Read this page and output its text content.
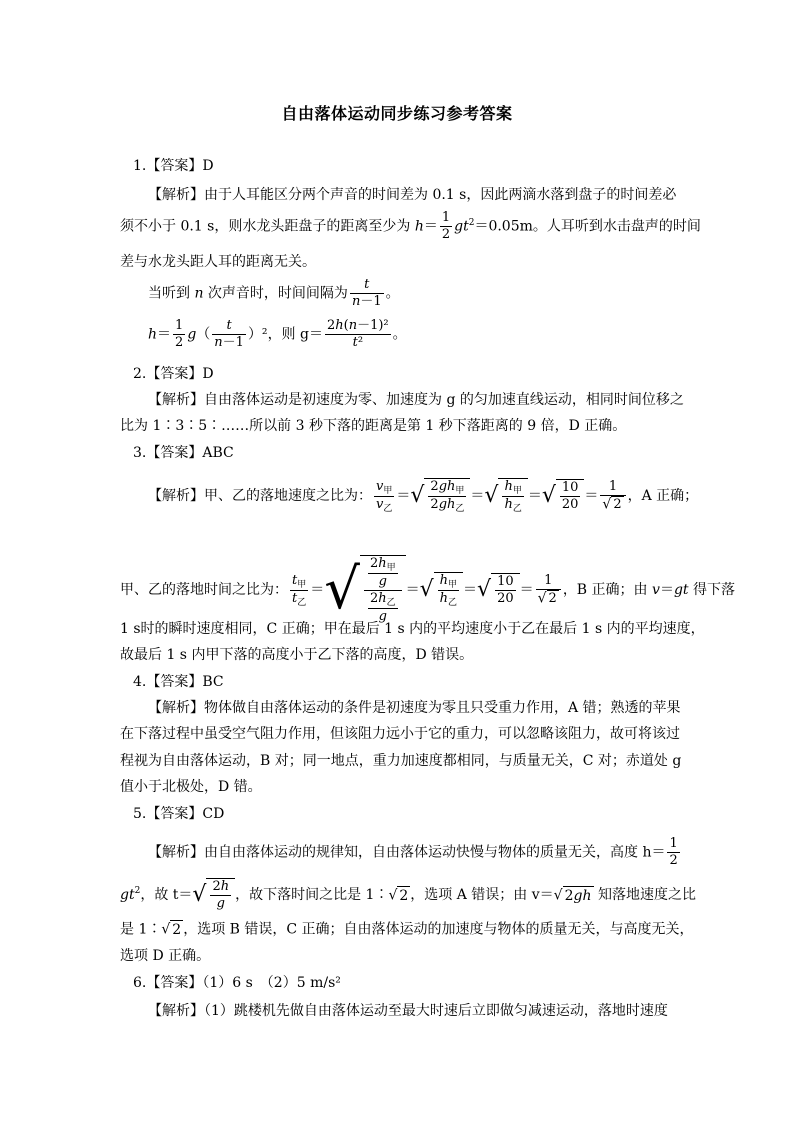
自由落体运动同步练习参考答案
1.【答案】D
【解析】由于人耳能区分两个声音的时间差为 0.1 s，因此两滴水落到盘子的时间差必
须不小于 0.1 s，则水龙头距盘子的距离至少为 $h= \frac{1}{2} gt^2=0.05m$。人耳听到水击盘声的时间
差与水龙头距人耳的距离无关。
当听到 n 次声音时，时间间隔为 $\frac{t}{n-1}$ 。
$h= \frac{1}{2} g( \frac{t}{n-1} )^2$，则 $g= \frac{\text{2h(n－1)²}}{\text{t²}}$ 。
2.【答案】D
【解析】自由落体运动是初速度为零、加速度为 g 的匀加速直线运动，相同时间位移之
比为 1∶3∶5∶……所以前 3 秒下落的距离是第 1 秒下落距离的 9 倍，D 正确。
3.【答案】ABC
【解析】甲、乙的落地速度之比为： $\frac{v_甲}{v_乙}$ ＝√ $\frac{2gh_甲}{2gh_乙}$ ＝√ $\frac{h_甲}{h_乙}$ ＝√ $\frac{10}{20} = \frac{1}{√ 2}$ ，A 正确；
甲、乙的落地时间之比为： $\frac{t_甲}{t_乙}$ ＝√ $\frac{\frac{2h_甲}{g}}{\frac{2h_乙}{g}}$ ＝√ $\frac{h_甲}{h_乙}$ ＝√ $\frac{10}{20} = \frac{1}{√ 2}$ ，B 正确；由 v＝gt 得下落
1 s时的瞬时速度相同，C 正确；甲在最后 1 s 内的平均速度小于乙在最后 1 s 内的平均速度，
故最后 1 s 内甲下落的高度小于乙下落的高度，D 错误。
4.【答案】BC
【解析】物体做自由落体运动的条件是初速度为零且只受重力作用，A 错；熟透的苹果
在下落过程中虽受空气阻力作用，但该阻力远小于它的重力，可以忽略该阻力，故可将该过
程视为自由落体运动，B 对；同一地点，重力加速度都相同，与质量无关，C 对；赤道处 g
值小于北极处，D 错。
5.【答案】CD
【解析】由自由落体运动的规律知，自由落体运动快慢与物体的质量无关，高度 $h= \frac{1}{2}$
$gt^2$，故 $t=√ \frac{2h}{g}$ ，故下落时间之比是 1∶√ 2 ，选项 A 错误；由 v＝√ 2gh 知落地速度之比
是 1∶√ 2 ，选项 B 错误，C 正确；自由落体运动的加速度与物体的质量无关，与高度无关，
选项 D 正确。
6.【答案】（1）6 s　（2）5 m/s²
【解析】（1）跳楼机先做自由落体运动至最大时速后立即做匀减速运动，落地时速度
